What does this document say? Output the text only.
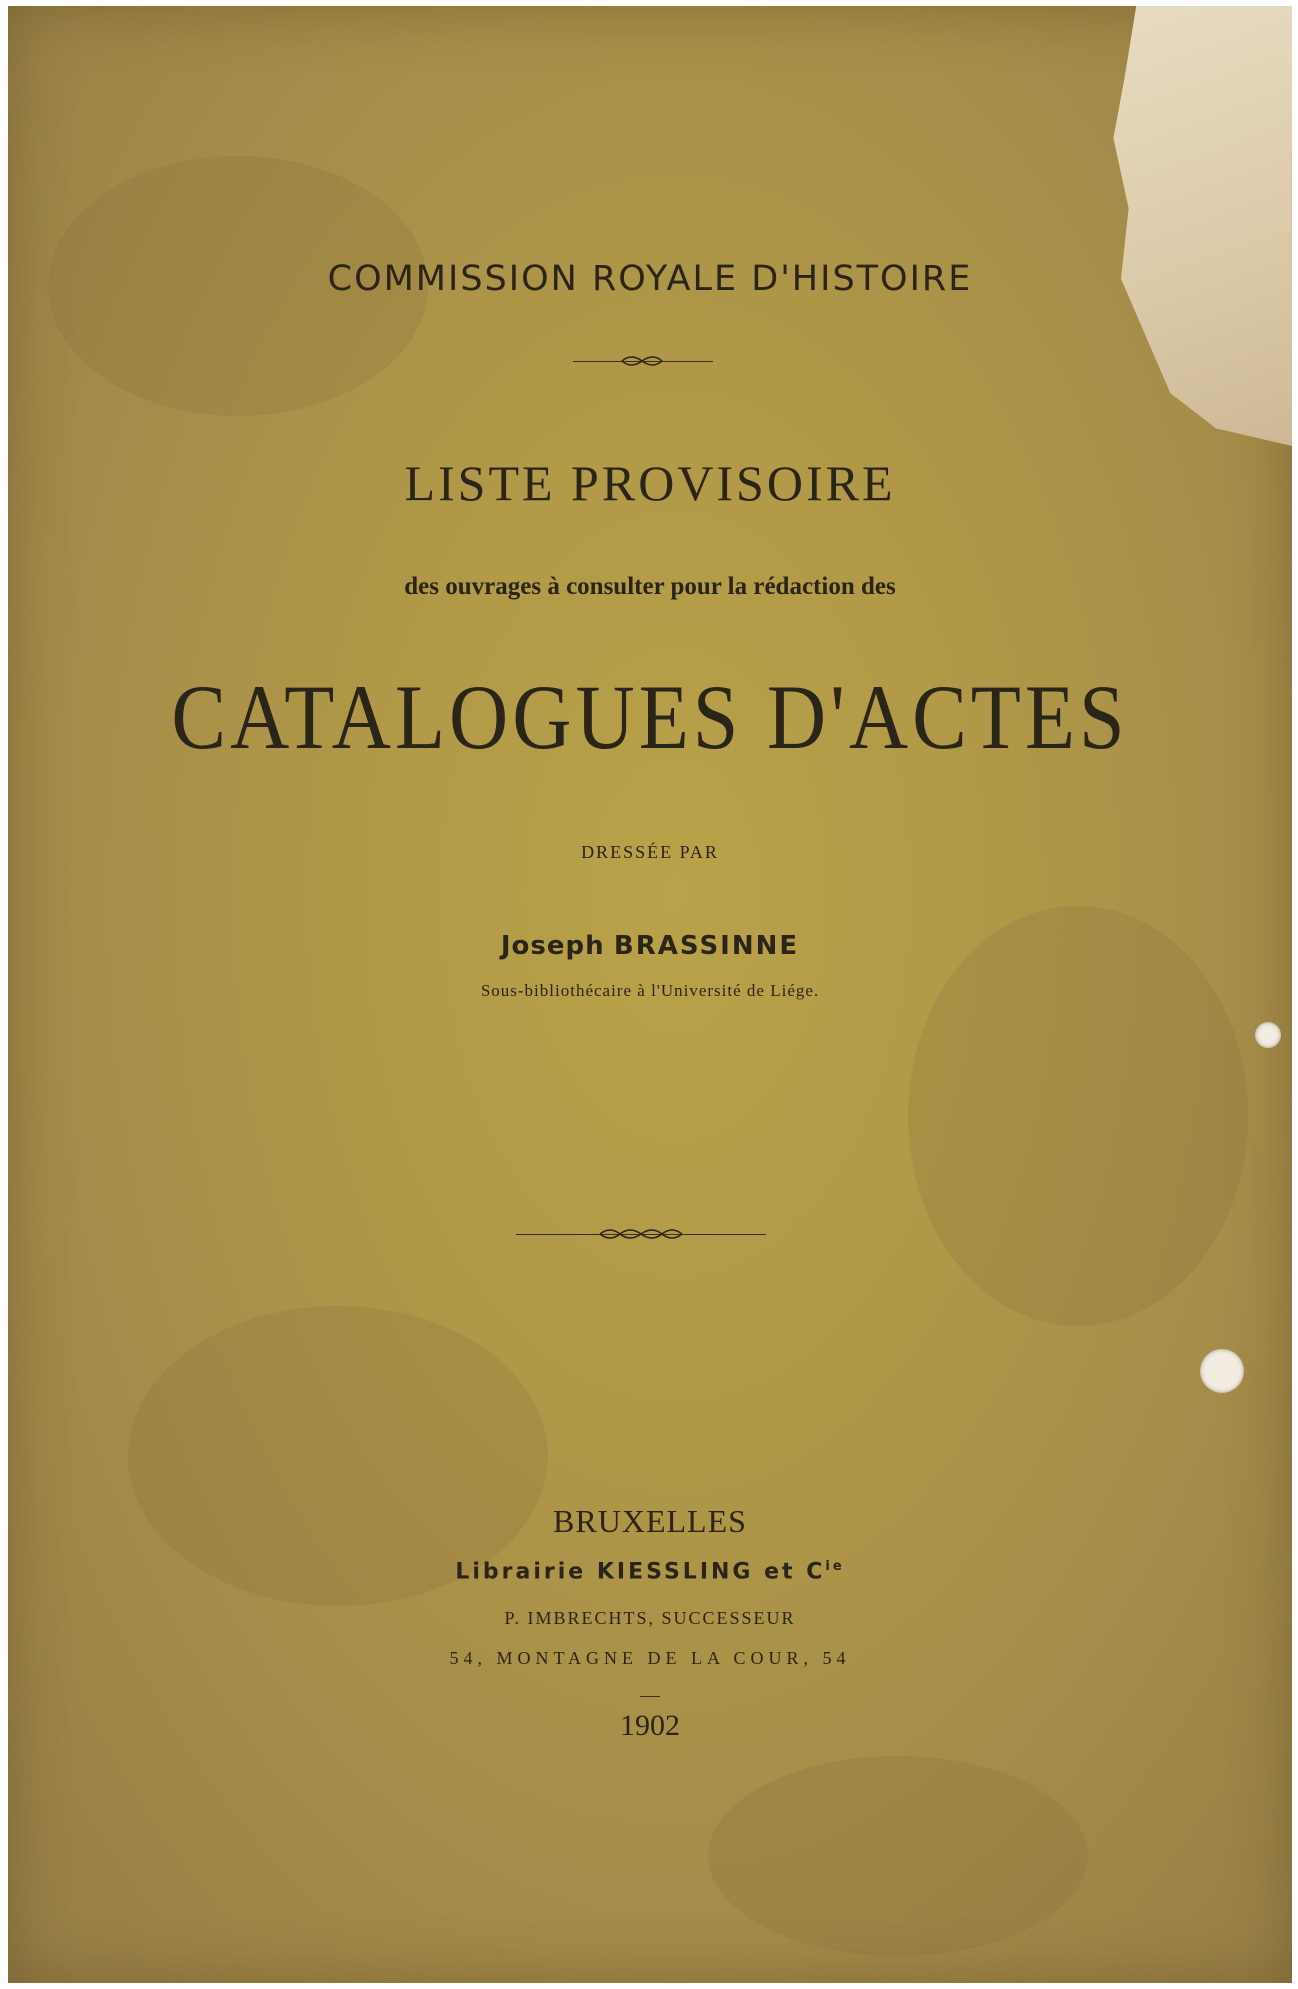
COMMISSION ROYALE D'HISTOIRE
LISTE PROVISOIRE
des ouvrages à consulter pour la rédaction des
CATALOGUES D'ACTES
DRESSÉE PAR
Joseph BRASSINNE
Sous-bibliothécaire à l'Université de Liége.
BRUXELLES
Librairie KIESSLING et $C^{ie}$
P. IMBRECHTS, SUCCESSEUR
54, MONTAGNE DE LA COUR, 54
1902
